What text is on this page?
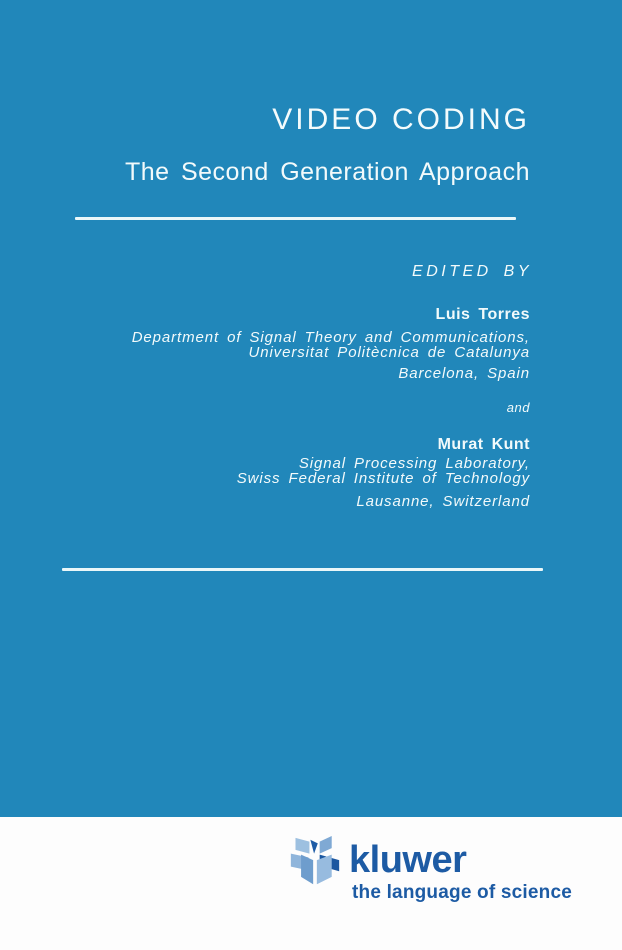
VIDEO CODING
The Second Generation Approach
EDITED BY
Luis Torres
Department of Signal Theory and Communications,
Universitat Politècnica de Catalunya
Barcelona, Spain
and
Murat Kunt
Signal Processing Laboratory,
Swiss Federal Institute of Technology
Lausanne, Switzerland
kluwer
the language of science
